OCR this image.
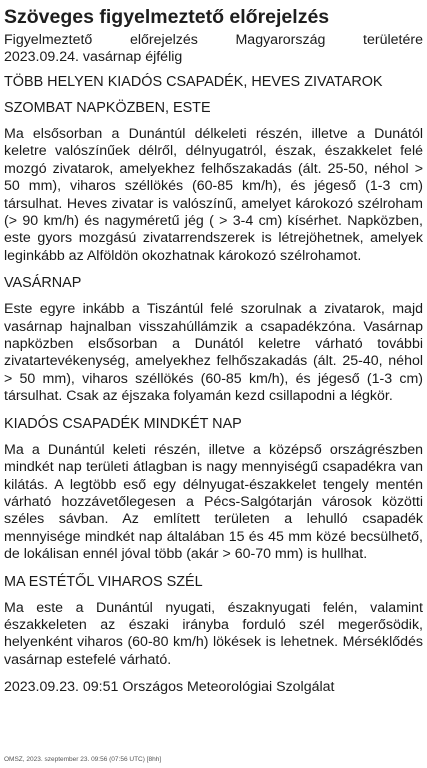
Szöveges figyelmeztető előrejelzés
Figyelmeztető előrejelzés Magyarország területére
2023.09.24. vasárnap éjfélig
TÖBB HELYEN KIADÓS CSAPADÉK, HEVES ZIVATAROK
SZOMBAT NAPKÖZBEN, ESTE

Ma elsősorban a Dunántúl délkeleti részén, illetve a Dunától keletre valószínűek délről, délnyugatról, észak, északkelet felé mozgó zivatarok, amelyekhez felhőszakadás (ált. 25-50, néhol > 50 mm), viharos széllökés (60-85 km/h), és jégeső (1-3 cm) társulhat. Heves zivatar is valószínű, amelyet károkozó szélroham (> 90 km/h) és nagyméretű jég ( > 3-4 cm) kísérhet. Napközben, este gyors mozgású zivatarrendszerek is létrejöhetnek, amelyek leginkább az Alföldön okozhatnak károkozó szélrohamot.

VASÁRNAP

Este egyre inkább a Tiszántúl felé szorulnak a zivatarok, majd vasárnap hajnalban visszahúllámzik a csapadékzóna. Vasárnap napközben elsősorban a Dunától keletre várható további zivatartevékenység, amelyekhez felhőszakadás (ált. 25-40, néhol > 50 mm), viharos széllökés (60-85 km/h), és jégeső (1-3 cm) társulhat. Csak az éjszaka folyamán kezd csillapodni a légkör.

KIADÓS CSAPADÉK MINDKÉT NAP

Ma a Dunántúl keleti részén, illetve a középső országrészben mindkét nap területi átlagban is nagy mennyiségű csapadékra van kilátás. A legtöbb eső egy délnyugat-északkelet tengely mentén várható hozzávetőlegesen a Pécs-Salgótarján városok közötti széles sávban. Az említett területen a lehulló csapadék mennyisége mindkét nap általában 15 és 45 mm közé becsülhető, de lokálisan ennél jóval több (akár > 60-70 mm) is hullhat.

MA ESTÉTŐL VIHAROS SZÉL

Ma este a Dunántúl nyugati, északnyugati felén, valamint északkeleten az északi irányba forduló szél megerősödik, helyenként viharos (60-80 km/h) lökések is lehetnek. Mérséklődés vasárnap estefelé várható.

2023.09.23. 09:51 Országos Meteorológiai Szolgálat
OMSZ, 2023. szeptember 23. 09:56 (07:56 UTC) [8hh]
